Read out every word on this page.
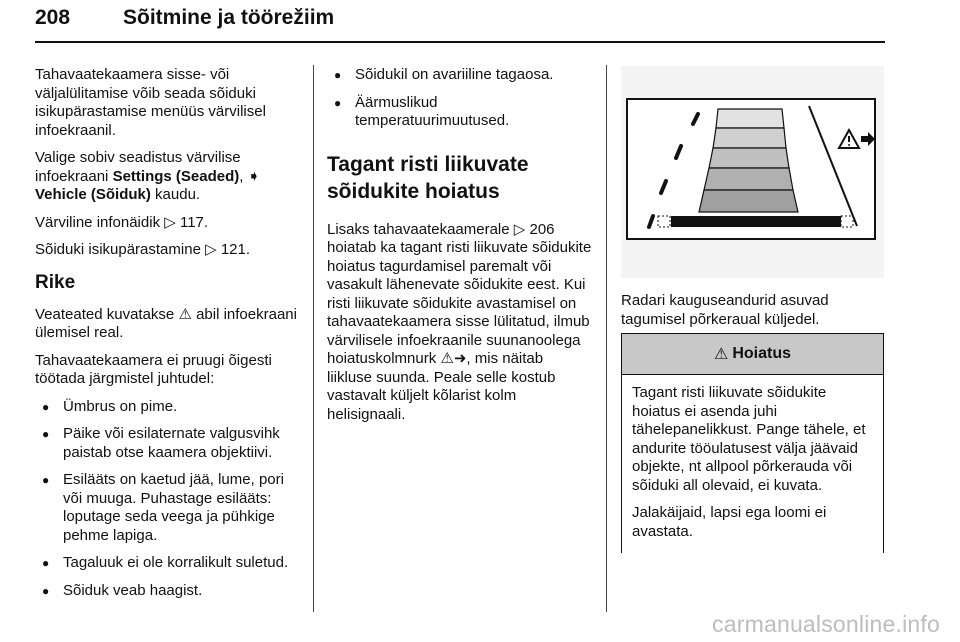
208	Sõitmine ja töörežiim

Tahavaatekaamera sisse- või väljalülitamise võib seada sõiduki isikupärastamise menüüs värvilisel infoekraanil.

Valige sobiv seadistus värvilise infoekraani Settings (Seaded), ➧ Vehicle (Sõiduk) kaudu.

Värviline infonäidik ▷ 117.

Sõiduki isikupärastamine ▷ 121.

Rike

Veateated kuvatakse ⚠ abil infoekraani ülemisel real.

Tahavaatekaamera ei pruugi õigesti töötada järgmistel juhtudel:

● Ümbrus on pime.
● Päike või esilaternate valgusvihk paistab otse kaamera objektiivi.
● Esilääts on kaetud jää, lume, pori või muuga. Puhastage esilääts: loputage seda veega ja pühkige pehme lapiga.
● Tagaluuk ei ole korralikult suletud.
● Sõiduk veab haagist.
● Sõidukil on avariiline tagaosa.
● Äärmuslikud temperatuurimuutused.
Tagant risti liikuvate sõidukite hoiatus

Lisaks tahavaatekaamerale ▷ 206 hoiatab ka tagant risti liikuvate sõidukite hoiatus tagurdamisel paremalt või vasakult lähenevate sõidukite eest. Kui risti liikuvate sõidukite avastamisel on tahavaatekaamera sisse lülitatud, ilmub värvilisele infoekraanile suunanoolega hoiatuskolmnurk ⚠➜, mis näitab liikluse suunda. Peale selle kostub vastavalt küljelt kõlarist kolm helisignaali.

Radari kauguseandurid asuvad tagumisel põrkeraual küljedel.

⚠ Hoiatus

Tagant risti liikuvate sõidukite hoiatus ei asenda juhi tähelepanelikkust. Pange tähele, et andurite tööulatusest välja jäävaid objekte, nt allpool põrkerauda või sõiduki all olevaid, ei kuvata.

Jalakäijaid, lapsi ega loomi ei avastata.

carmanualsonline.info
